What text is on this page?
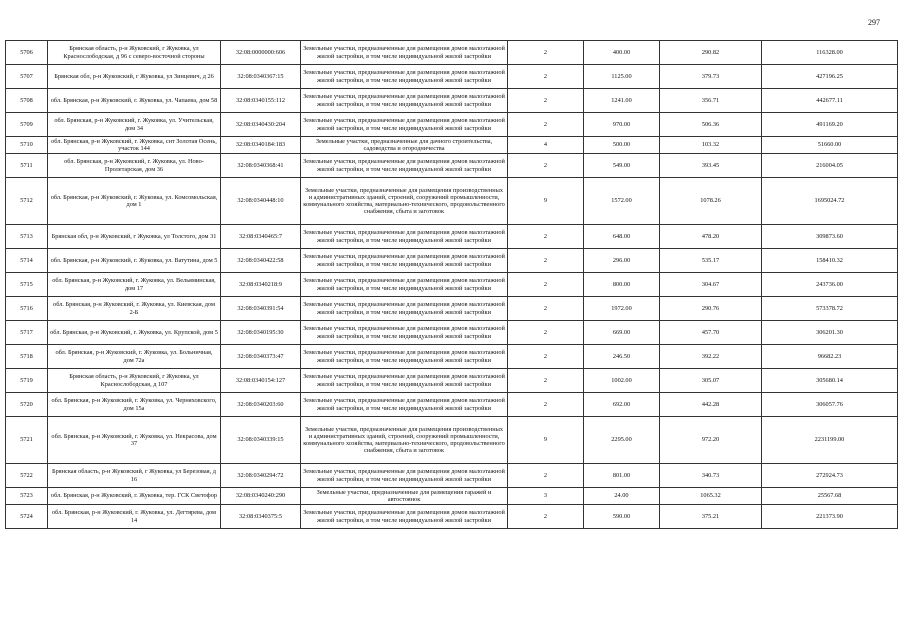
297
5706	Брянская область, р-н Жуковский, г Жуковка, ул Краснослободская, д 96 с северо-восточной стороны	32:08:0000000:606	Земельные участки, предназначенные для размещения домов малоэтажной жилой застройки, в том числе индивидуальной жилой застройки	2	400.00	290.82	116328.00
5707	Брянская обл, р-н Жуковский, г Жуковка, ул Зинцевич, д 26	32:08:0340367:15	Земельные участки, предназначенные для размещения домов малоэтажной жилой застройки, в том числе индивидуальной жилой застройки	2	1125.00	379.73	427196.25
5708	обл. Брянская, р-н Жуковский, г. Жуковка, ул. Чапаева, дом 58	32:08:0340155:112	Земельные участки, предназначенные для размещения домов малоэтажной жилой застройки, в том числе индивидуальной жилой застройки	2	1241.00	356.71	442677.11
5709	обл. Брянская, р-н Жуковский, г. Жуковка, ул. Учительская, дом 34	32:08:0340430:204	Земельные участки, предназначенные для размещения домов малоэтажной жилой застройки, в том числе индивидуальной жилой застройки	2	970.00	506.36	491169.20
5710	обл. Брянская, р-н Жуковский, г. Жуковка, снт Золотая Осень, участок 144	32:08:0340184:183	Земельные участки, предназначенные для дачного строительства, садоводства и огородничества	4	500.00	103.32	51660.00
5711	обл. Брянская, р-н Жуковский, г. Жуковка, ул. Ново-Пролетарская, дом 36	32:08:0340368:41	Земельные участки, предназначенные для размещения домов малоэтажной жилой застройки, в том числе индивидуальной жилой застройки	2	549.00	393.45	216004.05
5712	обл. Брянская, р-н Жуковский, г. Жуковка, ул. Комсомольская, дом 1	32:08:0340448:10	Земельные участки, предназначенные для размещения производственных и административных зданий, строений, сооружений промышленности, коммунального хозяйства, материально-технического, продовольственного снабжения, сбыта и заготовок	9	1572.00	1078.26	1695024.72
5713	Брянская обл, р-н Жуковский, г Жуковка, ул Толстого, дом 31	32:08:0340465:7	Земельные участки, предназначенные для размещения домов малоэтажной жилой застройки, в том числе индивидуальной жилой застройки	2	648.00	478.20	309873.60
5714	обл. Брянская, р-н Жуковский, г. Жуковка, ул. Ватутина, дом 5	32:08:0340422:58	Земельные участки, предназначенные для размещения домов малоэтажной жилой застройки, в том числе индивидуальной жилой застройки	2	296.00	535.17	158410.32
5715	обл. Брянская, р-н Жуковский, г. Жуковка, ул. Вельяминская, дом 17	32:08:0340218:9	Земельные участки, предназначенные для размещения домов малоэтажной жилой застройки, в том числе индивидуальной жилой застройки	2	800.00	304.67	243736.00
5716	обл. Брянская, р-н Жуковский, г. Жуковка, ул. Киевская, дом 2-Б	32:08:0340391:54	Земельные участки, предназначенные для размещения домов малоэтажной жилой застройки, в том числе индивидуальной жилой застройки	2	1972.00	290.76	573378.72
5717	обл. Брянская, р-н Жуковский, г. Жуковка, ул. Крупской, дом 5	32:08:0340195:30	Земельные участки, предназначенные для размещения домов малоэтажной жилой застройки, в том числе индивидуальной жилой застройки	2	669.00	457.70	306201.30
5718	обл. Брянская, р-н Жуковский, г. Жуковка, ул. Больничная, дом 72а	32:08:0340373:47	Земельные участки, предназначенные для размещения домов малоэтажной жилой застройки, в том числе индивидуальной жилой застройки	2	246.50	392.22	96682.23
5719	Брянская область, р-н Жуковский, г Жуковка, ул Краснослободская, д 107	32:08:0340154:127	Земельные участки, предназначенные для размещения домов малоэтажной жилой застройки, в том числе индивидуальной жилой застройки	2	1002.00	305.07	305680.14
5720	обл. Брянская, р-н Жуковский, г. Жуковка, ул. Черняховского, дом 15а	32:08:0340203:60	Земельные участки, предназначенные для размещения домов малоэтажной жилой застройки, в том числе индивидуальной жилой застройки	2	692.00	442.28	306057.76
5721	обл. Брянская, р-н Жуковский, г. Жуковка, ул. Некрасова, дом 37	32:08:0340339:15	Земельные участки, предназначенные для размещения производственных и административных зданий, строений, сооружений промышленности, коммунального хозяйства, материально-технического, продовольственного снабжения, сбыта и заготовок	9	2295.00	972.20	2231199.00
5722	Брянская область, р-н Жуковский, г Жуковка, ул Березовая, д 16	32:08:0340294:72	Земельные участки, предназначенные для размещения домов малоэтажной жилой застройки, в том числе индивидуальной жилой застройки	2	801.00	340.73	272924.73
5723	обл. Брянская, р-н Жуковский, г. Жуковка, тер. ГСК Светофор	32:08:0340240:290	Земельные участки, предназначенные для размещения гаражей и автостоянок	3	24.00	1065.32	25567.68
5724	обл. Брянская, р-н Жуковский, г. Жуковка, ул. Дегтярева, дом 14	32:08:0340375:5	Земельные участки, предназначенные для размещения домов малоэтажной жилой застройки, в том числе индивидуальной жилой застройки	2	590.00	375.21	221373.90
